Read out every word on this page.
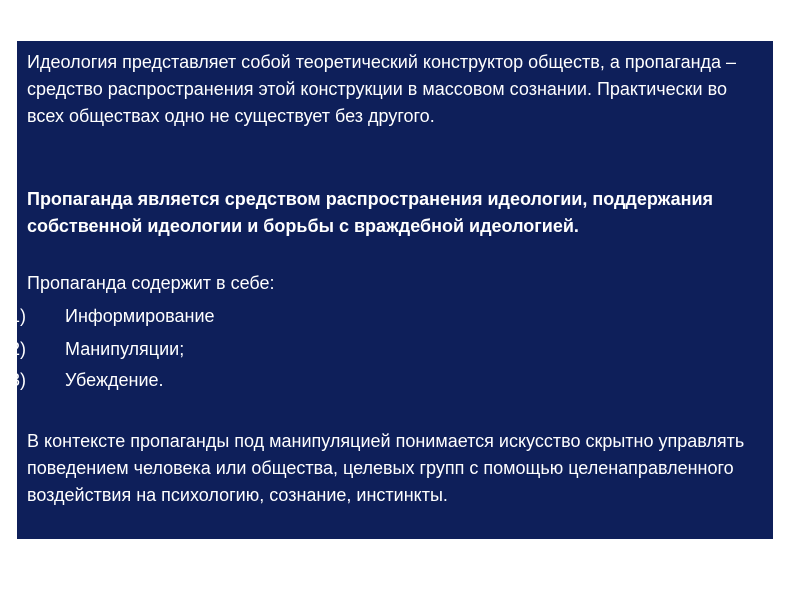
Идеология представляет собой теоретический конструктор обществ, а пропаганда – средство распространения этой конструкции в массовом сознании. Практически во всех обществах одно не существует без другого.

Пропаганда является средством распространения идеологии, поддержания собственной идеологии и борьбы с враждебной идеологией.

Пропаганда содержит в себе:

1) Информирование
2) Манипуляции;
3) Убеждение.

В контексте пропаганды под манипуляцией понимается искусство скрытно управлять поведением человека или общества, целевых групп с помощью целенаправленного воздействия на психологию, сознание, инстинкты.
